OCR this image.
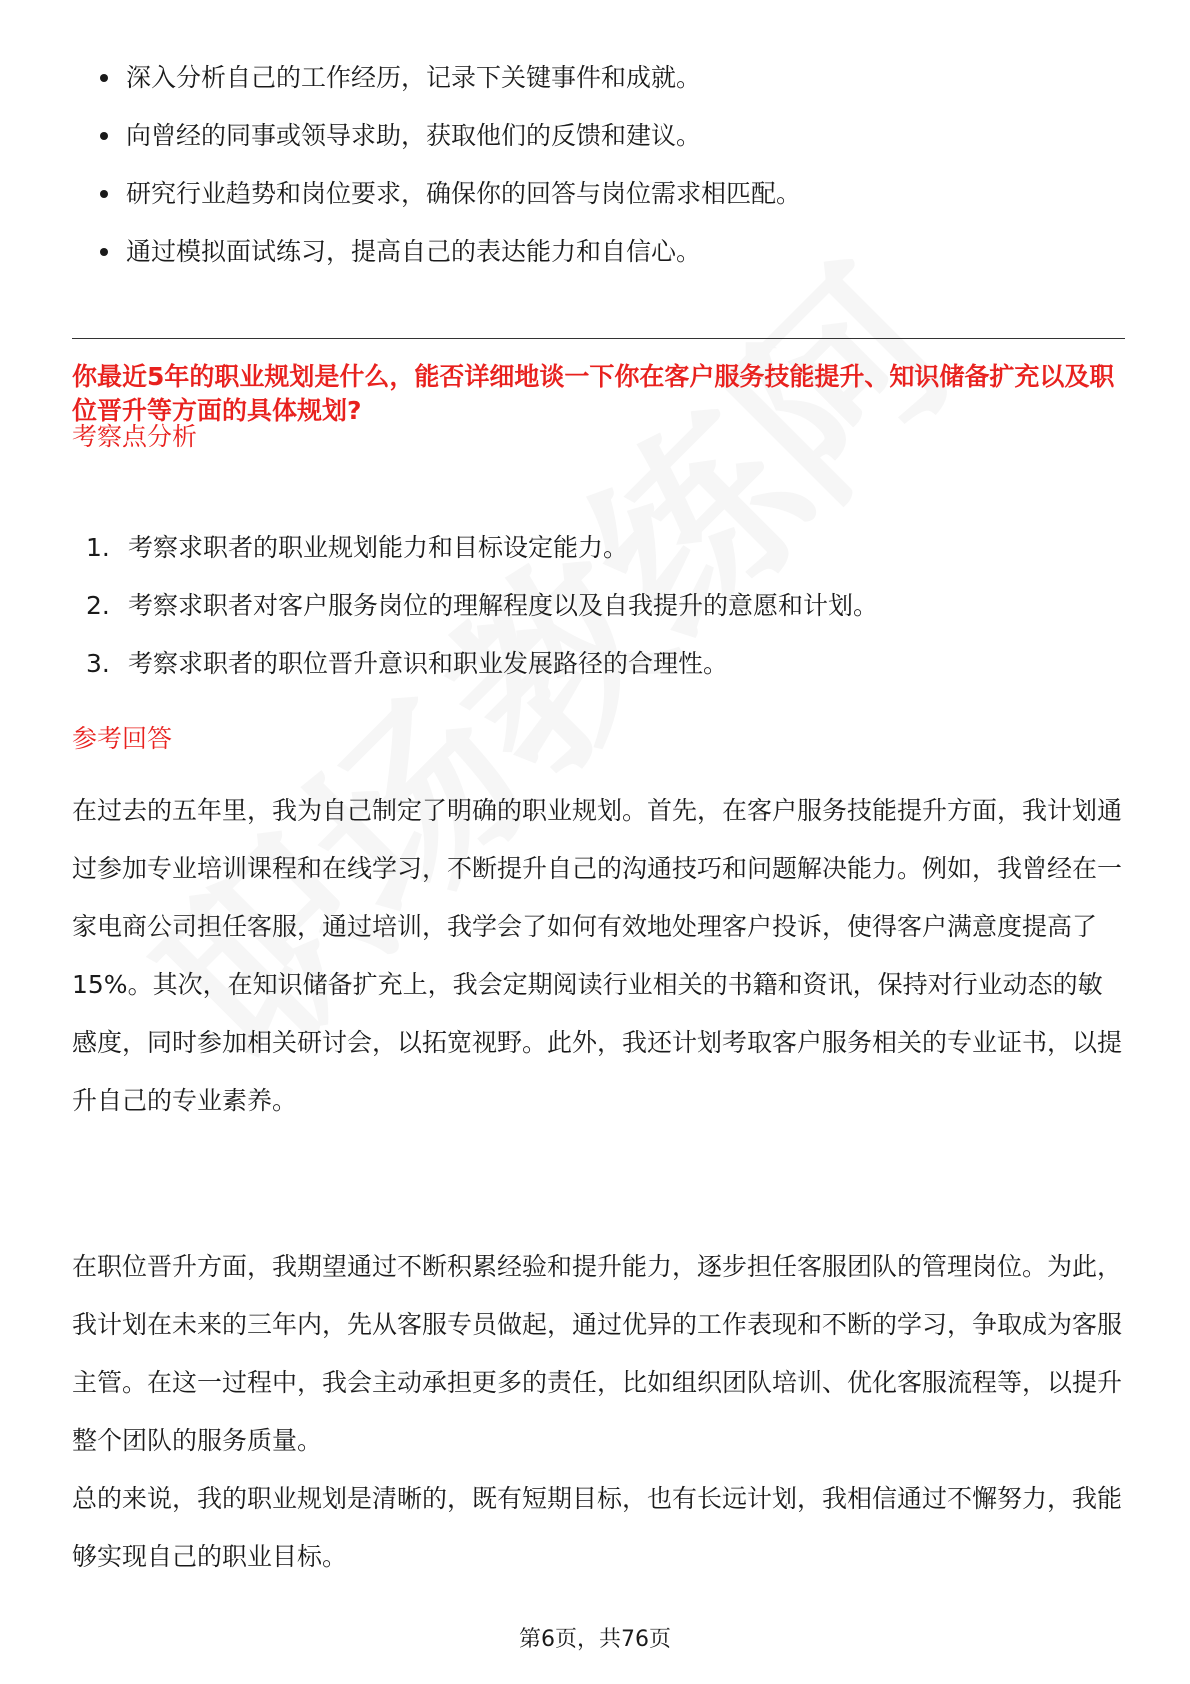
深入分析自己的工作经历，记录下关键事件和成就。
向曾经的同事或领导求助，获取他们的反馈和建议。
研究行业趋势和岗位要求，确保你的回答与岗位需求相匹配。
通过模拟面试练习，提高自己的表达能力和自信心。
你最近5年的职业规划是什么，能否详细地谈一下你在客户服务技能提升、知识储备扩充以及职位晋升等方面的具体规划?
考察点分析
1. 考察求职者的职业规划能力和目标设定能力。
2. 考察求职者对客户服务岗位的理解程度以及自我提升的意愿和计划。
3. 考察求职者的职位晋升意识和职业发展路径的合理性。
参考回答

在过去的五年里，我为自己制定了明确的职业规划。首先，在客户服务技能提升方面，我计划通过参加专业培训课程和在线学习，不断提升自己的沟通技巧和问题解决能力。例如，我曾经在一家电商公司担任客服，通过培训，我学会了如何有效地处理客户投诉，使得客户满意度提高了15%。其次，在知识储备扩充上，我会定期阅读行业相关的书籍和资讯，保持对行业动态的敏感度，同时参加相关研讨会，以拓宽视野。此外，我还计划考取客户服务相关的专业证书，以提升自己的专业素养。

在职位晋升方面，我期望通过不断积累经验和提升能力，逐步担任客服团队的管理岗位。为此，我计划在未来的三年内，先从客服专员做起，通过优异的工作表现和不断的学习，争取成为客服主管。在这一过程中，我会主动承担更多的责任，比如组织团队培训、优化客服流程等，以提升整个团队的服务质量。

总的来说，我的职业规划是清晰的，既有短期目标，也有长远计划，我相信通过不懈努力，我能够实现自己的职业目标。

第6页，共76页
